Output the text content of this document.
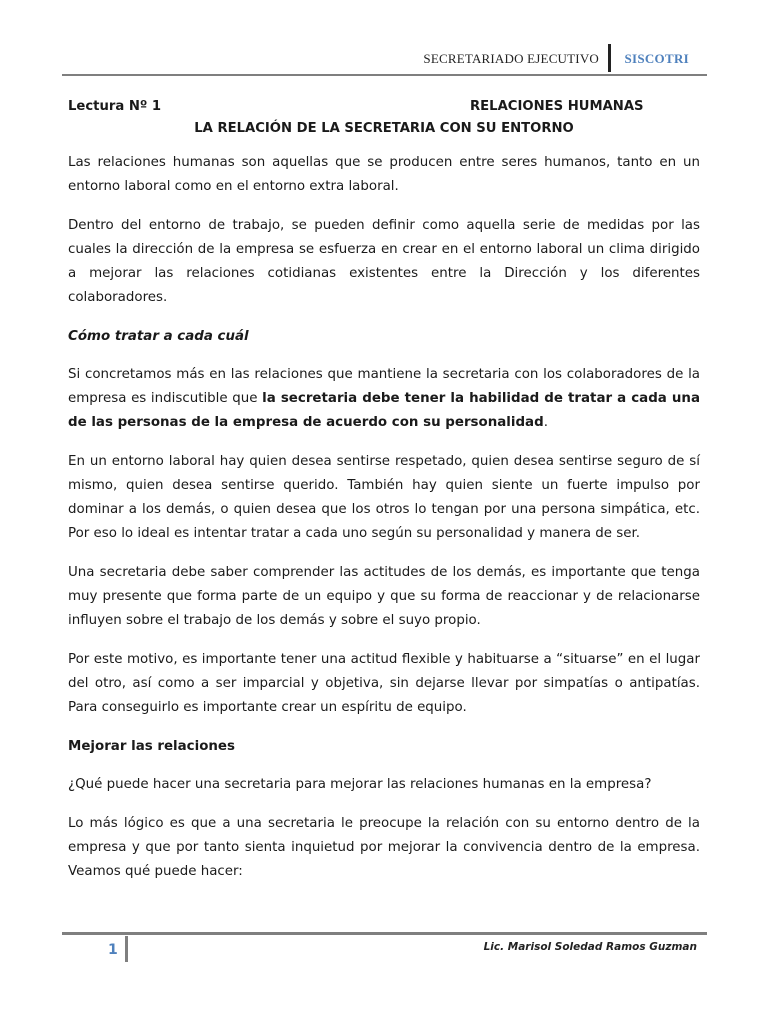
SECRETARIADO EJECUTIVO SISCOTRI
Lectura Nº 1	RELACIONES HUMANAS
LA RELACIÓN DE LA SECRETARIA CON SU ENTORNO

Las relaciones humanas son aquellas que se producen entre seres humanos, tanto en un entorno laboral como en el entorno extra laboral.

Dentro del entorno de trabajo, se pueden definir como aquella serie de medidas por las cuales la dirección de la empresa se esfuerza en crear en el entorno laboral un clima dirigido a mejorar las relaciones cotidianas existentes entre la Dirección y los diferentes colaboradores.

Cómo tratar a cada cuál

Si concretamos más en las relaciones que mantiene la secretaria con los colaboradores de la empresa es indiscutible que la secretaria debe tener la habilidad de tratar a cada una de las personas de la empresa de acuerdo con su personalidad.

En un entorno laboral hay quien desea sentirse respetado, quien desea sentirse seguro de sí mismo, quien desea sentirse querido. También hay quien siente un fuerte impulso por dominar a los demás, o quien desea que los otros lo tengan por una persona simpática, etc. Por eso lo ideal es intentar tratar a cada uno según su personalidad y manera de ser.

Una secretaria debe saber comprender las actitudes de los demás, es importante que tenga muy presente que forma parte de un equipo y que su forma de reaccionar y de relacionarse influyen sobre el trabajo de los demás y sobre el suyo propio.

Por este motivo, es importante tener una actitud flexible y habituarse a “situarse” en el lugar del otro, así como a ser imparcial y objetiva, sin dejarse llevar por simpatías o antipatías. Para conseguirlo es importante crear un espíritu de equipo.

Mejorar las relaciones

¿Qué puede hacer una secretaria para mejorar las relaciones humanas en la empresa?

Lo más lógico es que a una secretaria le preocupe la relación con su entorno dentro de la empresa y que por tanto sienta inquietud por mejorar la convivencia dentro de la empresa. Veamos qué puede hacer:

1	Lic. Marisol Soledad Ramos Guzman
